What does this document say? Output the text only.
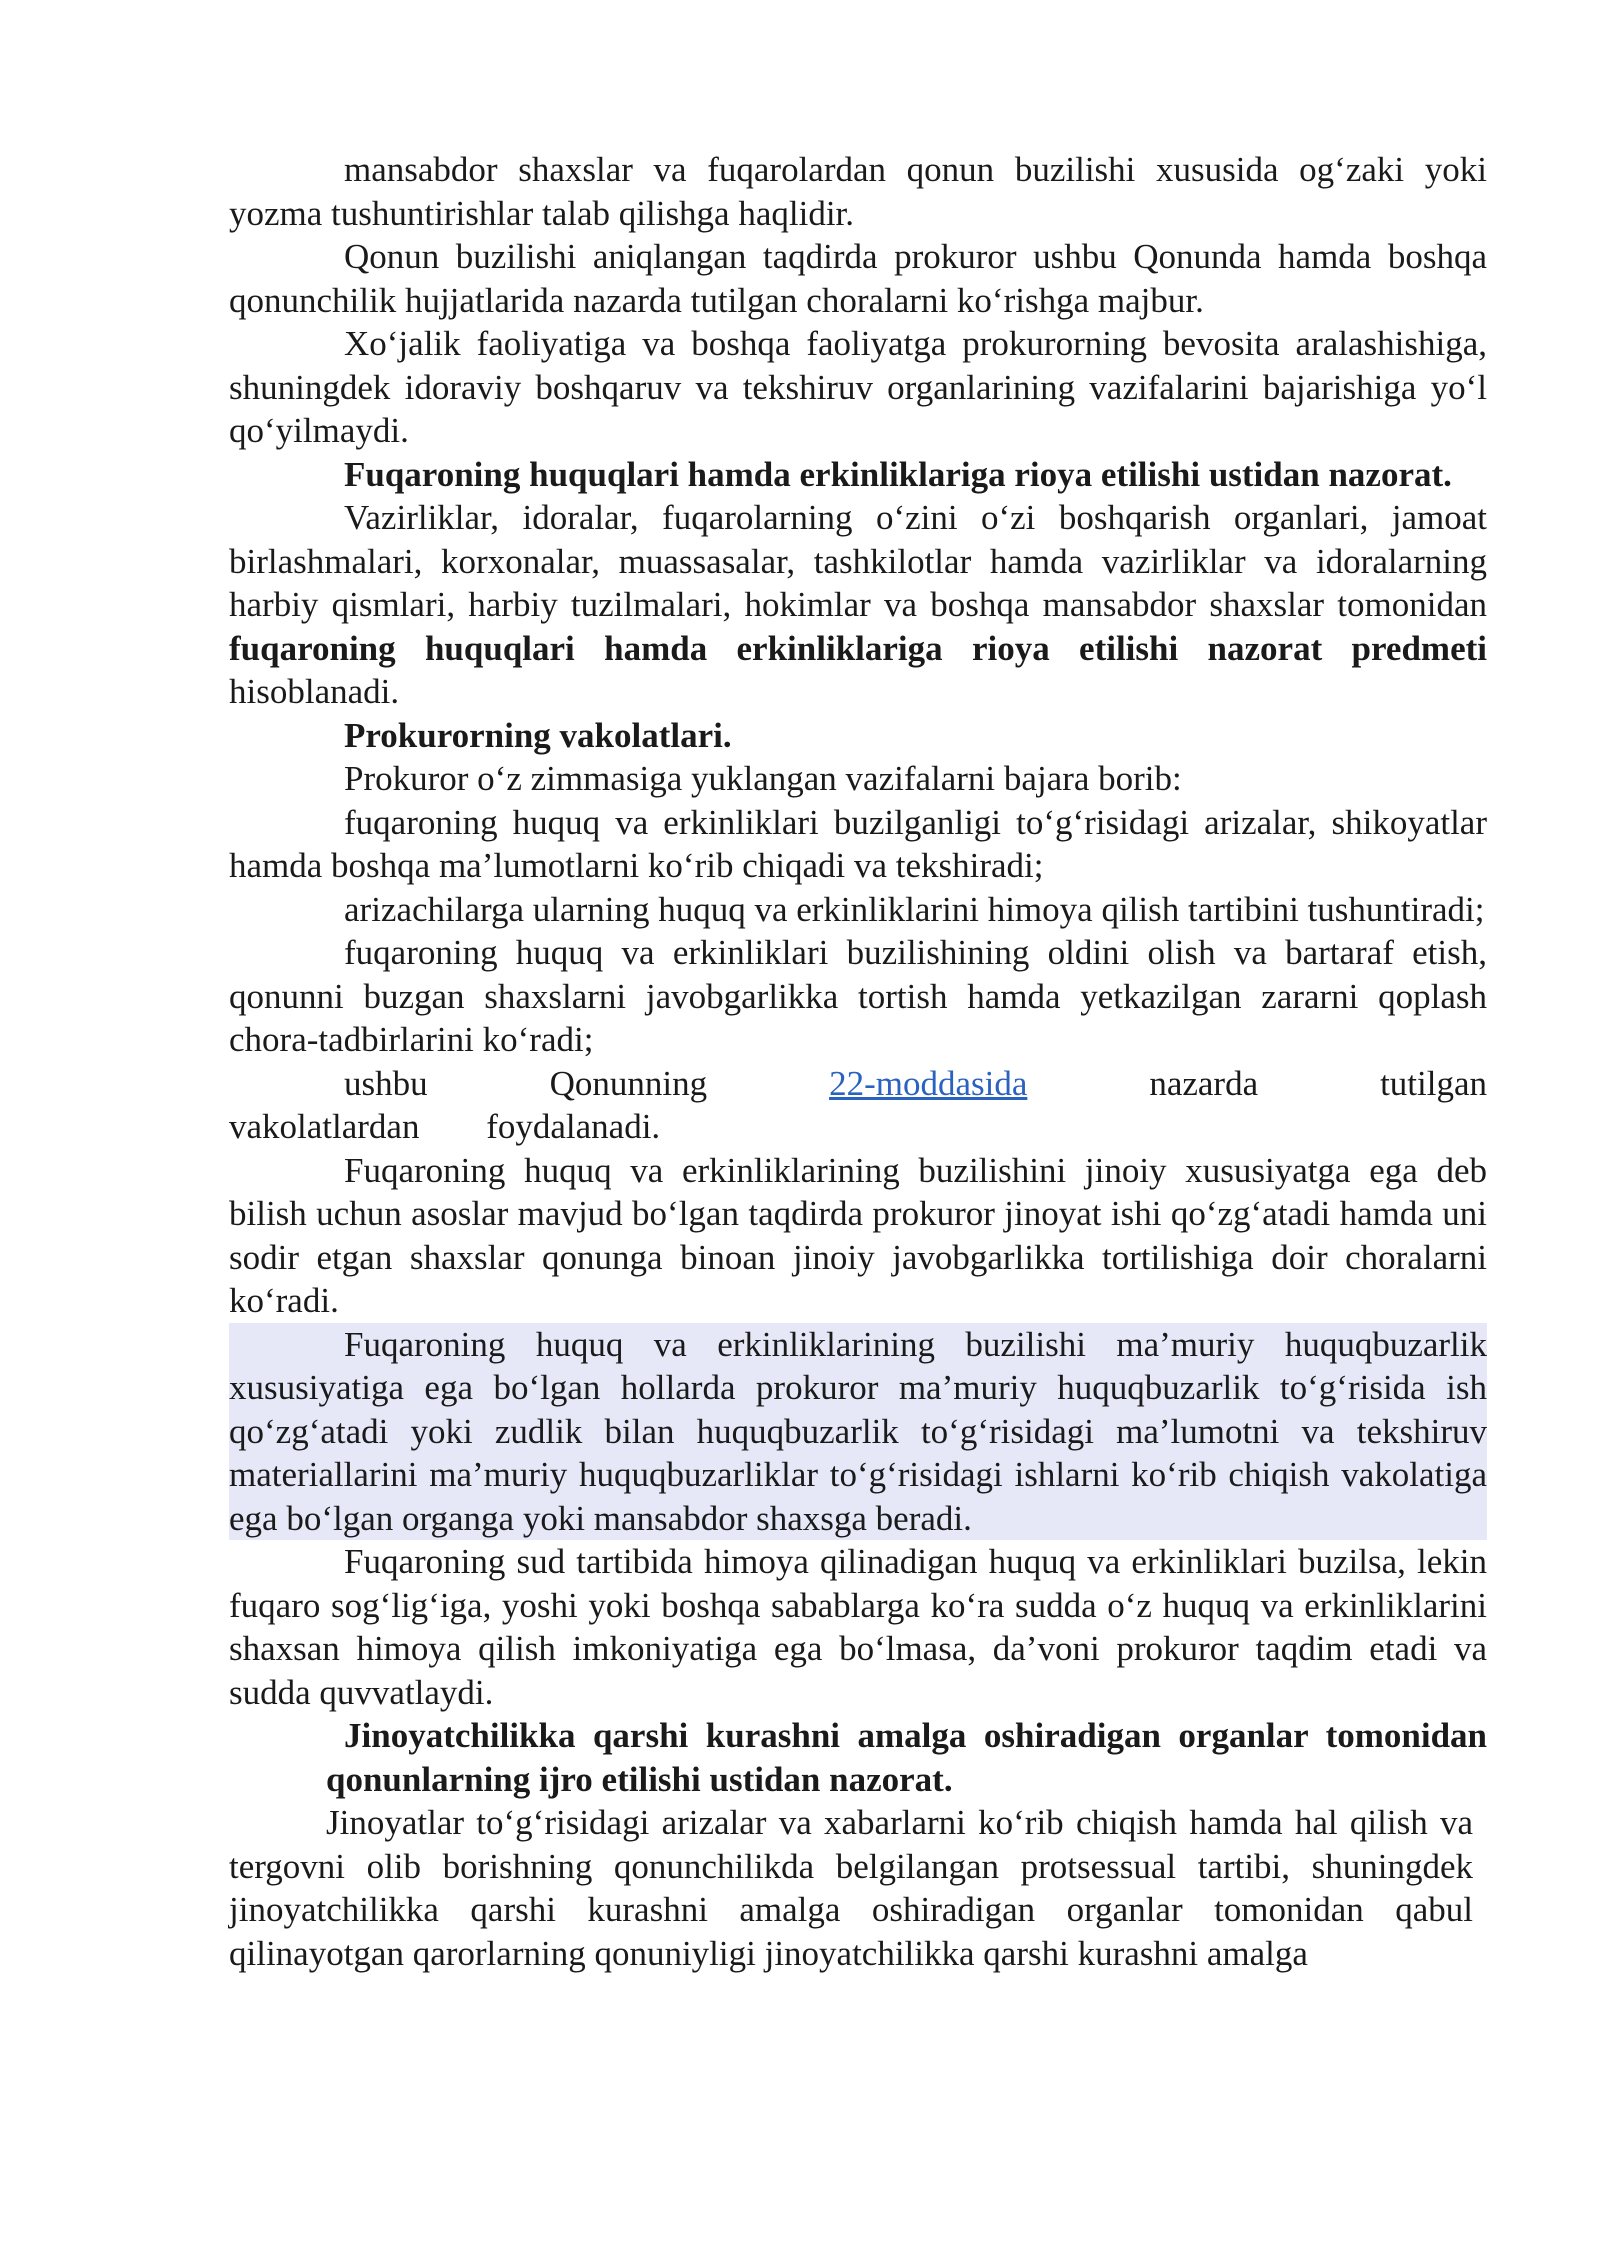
mansabdor shaxslar va fuqarolardan qonun buzilishi xususida og‘zaki yoki yozma tushuntirishlar talab qilishga haqlidir.

Qonun buzilishi aniqlangan taqdirda prokuror ushbu Qonunda hamda boshqa qonunchilik hujjatlarida nazarda tutilgan choralarni ko‘rishga majbur.

Xo‘jalik faoliyatiga va boshqa faoliyatga prokurorning bevosita aralashishiga, shuningdek idoraviy boshqaruv va tekshiruv organlarining vazifalarini bajarishiga yo‘l qo‘yilmaydi.

Fuqaroning huquqlari hamda erkinliklariga rioya etilishi ustidan nazorat.

Vazirliklar, idoralar, fuqarolarning o‘zini o‘zi boshqarish organlari, jamoat birlashmalari, korxonalar, muassasalar, tashkilotlar hamda vazirliklar va idoralarning harbiy qismlari, harbiy tuzilmalari, hokimlar va boshqa mansabdor shaxslar tomonidan fuqaroning huquqlari hamda erkinliklariga rioya etilishi nazorat predmeti hisoblanadi.

Prokurorning vakolatlari.

Prokuror o‘z zimmasiga yuklangan vazifalarni bajara borib:

fuqaroning huquq va erkinliklari buzilganligi to‘g‘risidagi arizalar, shikoyatlar hamda boshqa ma’lumotlarni ko‘rib chiqadi va tekshiradi;

arizachilarga ularning huquq va erkinliklarini himoya qilish tartibini tushuntiradi;

fuqaroning huquq va erkinliklari buzilishining oldini olish va bartaraf etish, qonunni buzgan shaxslarni javobgarlikka tortish hamda yetkazilgan zararni qoplash chora-tadbirlarini ko‘radi;

ushbu Qonunning	22-moddasida	nazarda tutilgan vakolatlardan foydalanadi.

Fuqaroning huquq va erkinliklarining buzilishini jinoiy xususiyatga ega deb bilish uchun asoslar mavjud bo‘lgan taqdirda prokuror jinoyat ishi qo‘zg‘atadi hamda uni sodir etgan shaxslar qonunga binoan jinoiy javobgarlikka tortilishiga doir choralarni ko‘radi.

Fuqaroning huquq va erkinliklarining buzilishi ma’muriy huquqbuzarlik xususiyatiga ega bo‘lgan hollarda prokuror ma’muriy huquqbuzarlik to‘g‘risida ish qo‘zg‘atadi yoki zudlik bilan huquqbuzarlik to‘g‘risidagi ma’lumotni va tekshiruv materiallarini ma’muriy huquqbuzarliklar to‘g‘risidagi ishlarni ko‘rib chiqish vakolatiga ega bo‘lgan organga yoki mansabdor shaxsga beradi.

Fuqaroning sud tartibida himoya qilinadigan huquq va erkinliklari buzilsa, lekin fuqaro sog‘lig‘iga, yoshi yoki boshqa sabablarga ko‘ra sudda o‘z huquq va erkinliklarini shaxsan himoya qilish imkoniyatiga ega bo‘lmasa, da’voni prokuror taqdim etadi va sudda quvvatlaydi.

Jinoyatchilikka qarshi kurashni amalga oshiradigan organlar tomonidan qonunlarning ijro etilishi ustidan nazorat.

Jinoyatlar to‘g‘risidagi arizalar va xabarlarni ko‘rib chiqish hamda hal qilish va tergovni olib borishning qonunchilikda belgilangan protsessual tartibi, shuningdek jinoyatchilikka qarshi kurashni amalga oshiradigan organlar tomonidan qabul qilinayotgan qarorlarning qonuniyligi jinoyatchilikka qarshi kurashni amalga
